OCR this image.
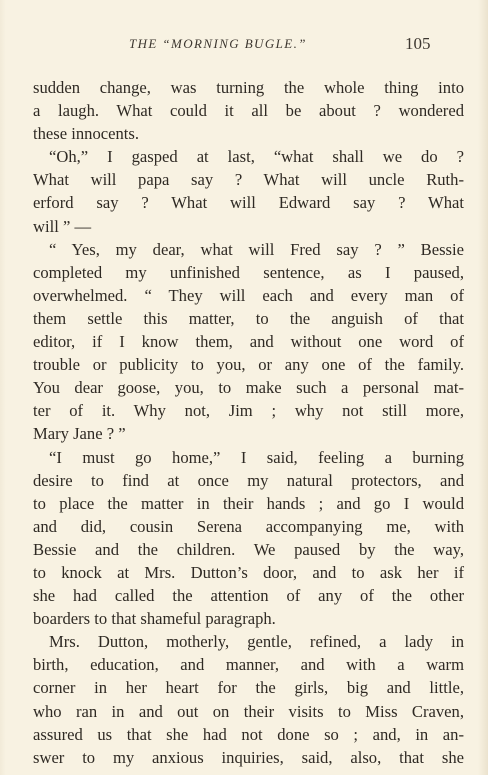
THE “MORNING BUGLE.”	105
sudden change, was turning the whole thing into
a laugh. What could it all be about ? wondered
these innocents.
“Oh,” I gasped at last, “what shall we do ?
What will papa say ? What will uncle Ruth-
erford say ? What will Edward say ? What
will ” —
“ Yes, my dear, what will Fred say ? ” Bessie
completed my unfinished sentence, as I paused,
overwhelmed. “ They will each and every man of
them settle this matter, to the anguish of that
editor, if I know them, and without one word of
trouble or publicity to you, or any one of the family.
You dear goose, you, to make such a personal mat-
ter of it. Why not, Jim ; why not still more,
Mary Jane ? ”
“I must go home,” I said, feeling a burning
desire to find at once my natural protectors, and
to place the matter in their hands ; and go I would
and did, cousin Serena accompanying me, with
Bessie and the children. We paused by the way,
to knock at Mrs. Dutton’s door, and to ask her if
she had called the attention of any of the other
boarders to that shameful paragraph.
Mrs. Dutton, motherly, gentle, refined, a lady in
birth, education, and manner, and with a warm
corner in her heart for the girls, big and little,
who ran in and out on their visits to Miss Craven,
assured us that she had not done so ; and, in an-
swer to my anxious inquiries, said, also, that she
